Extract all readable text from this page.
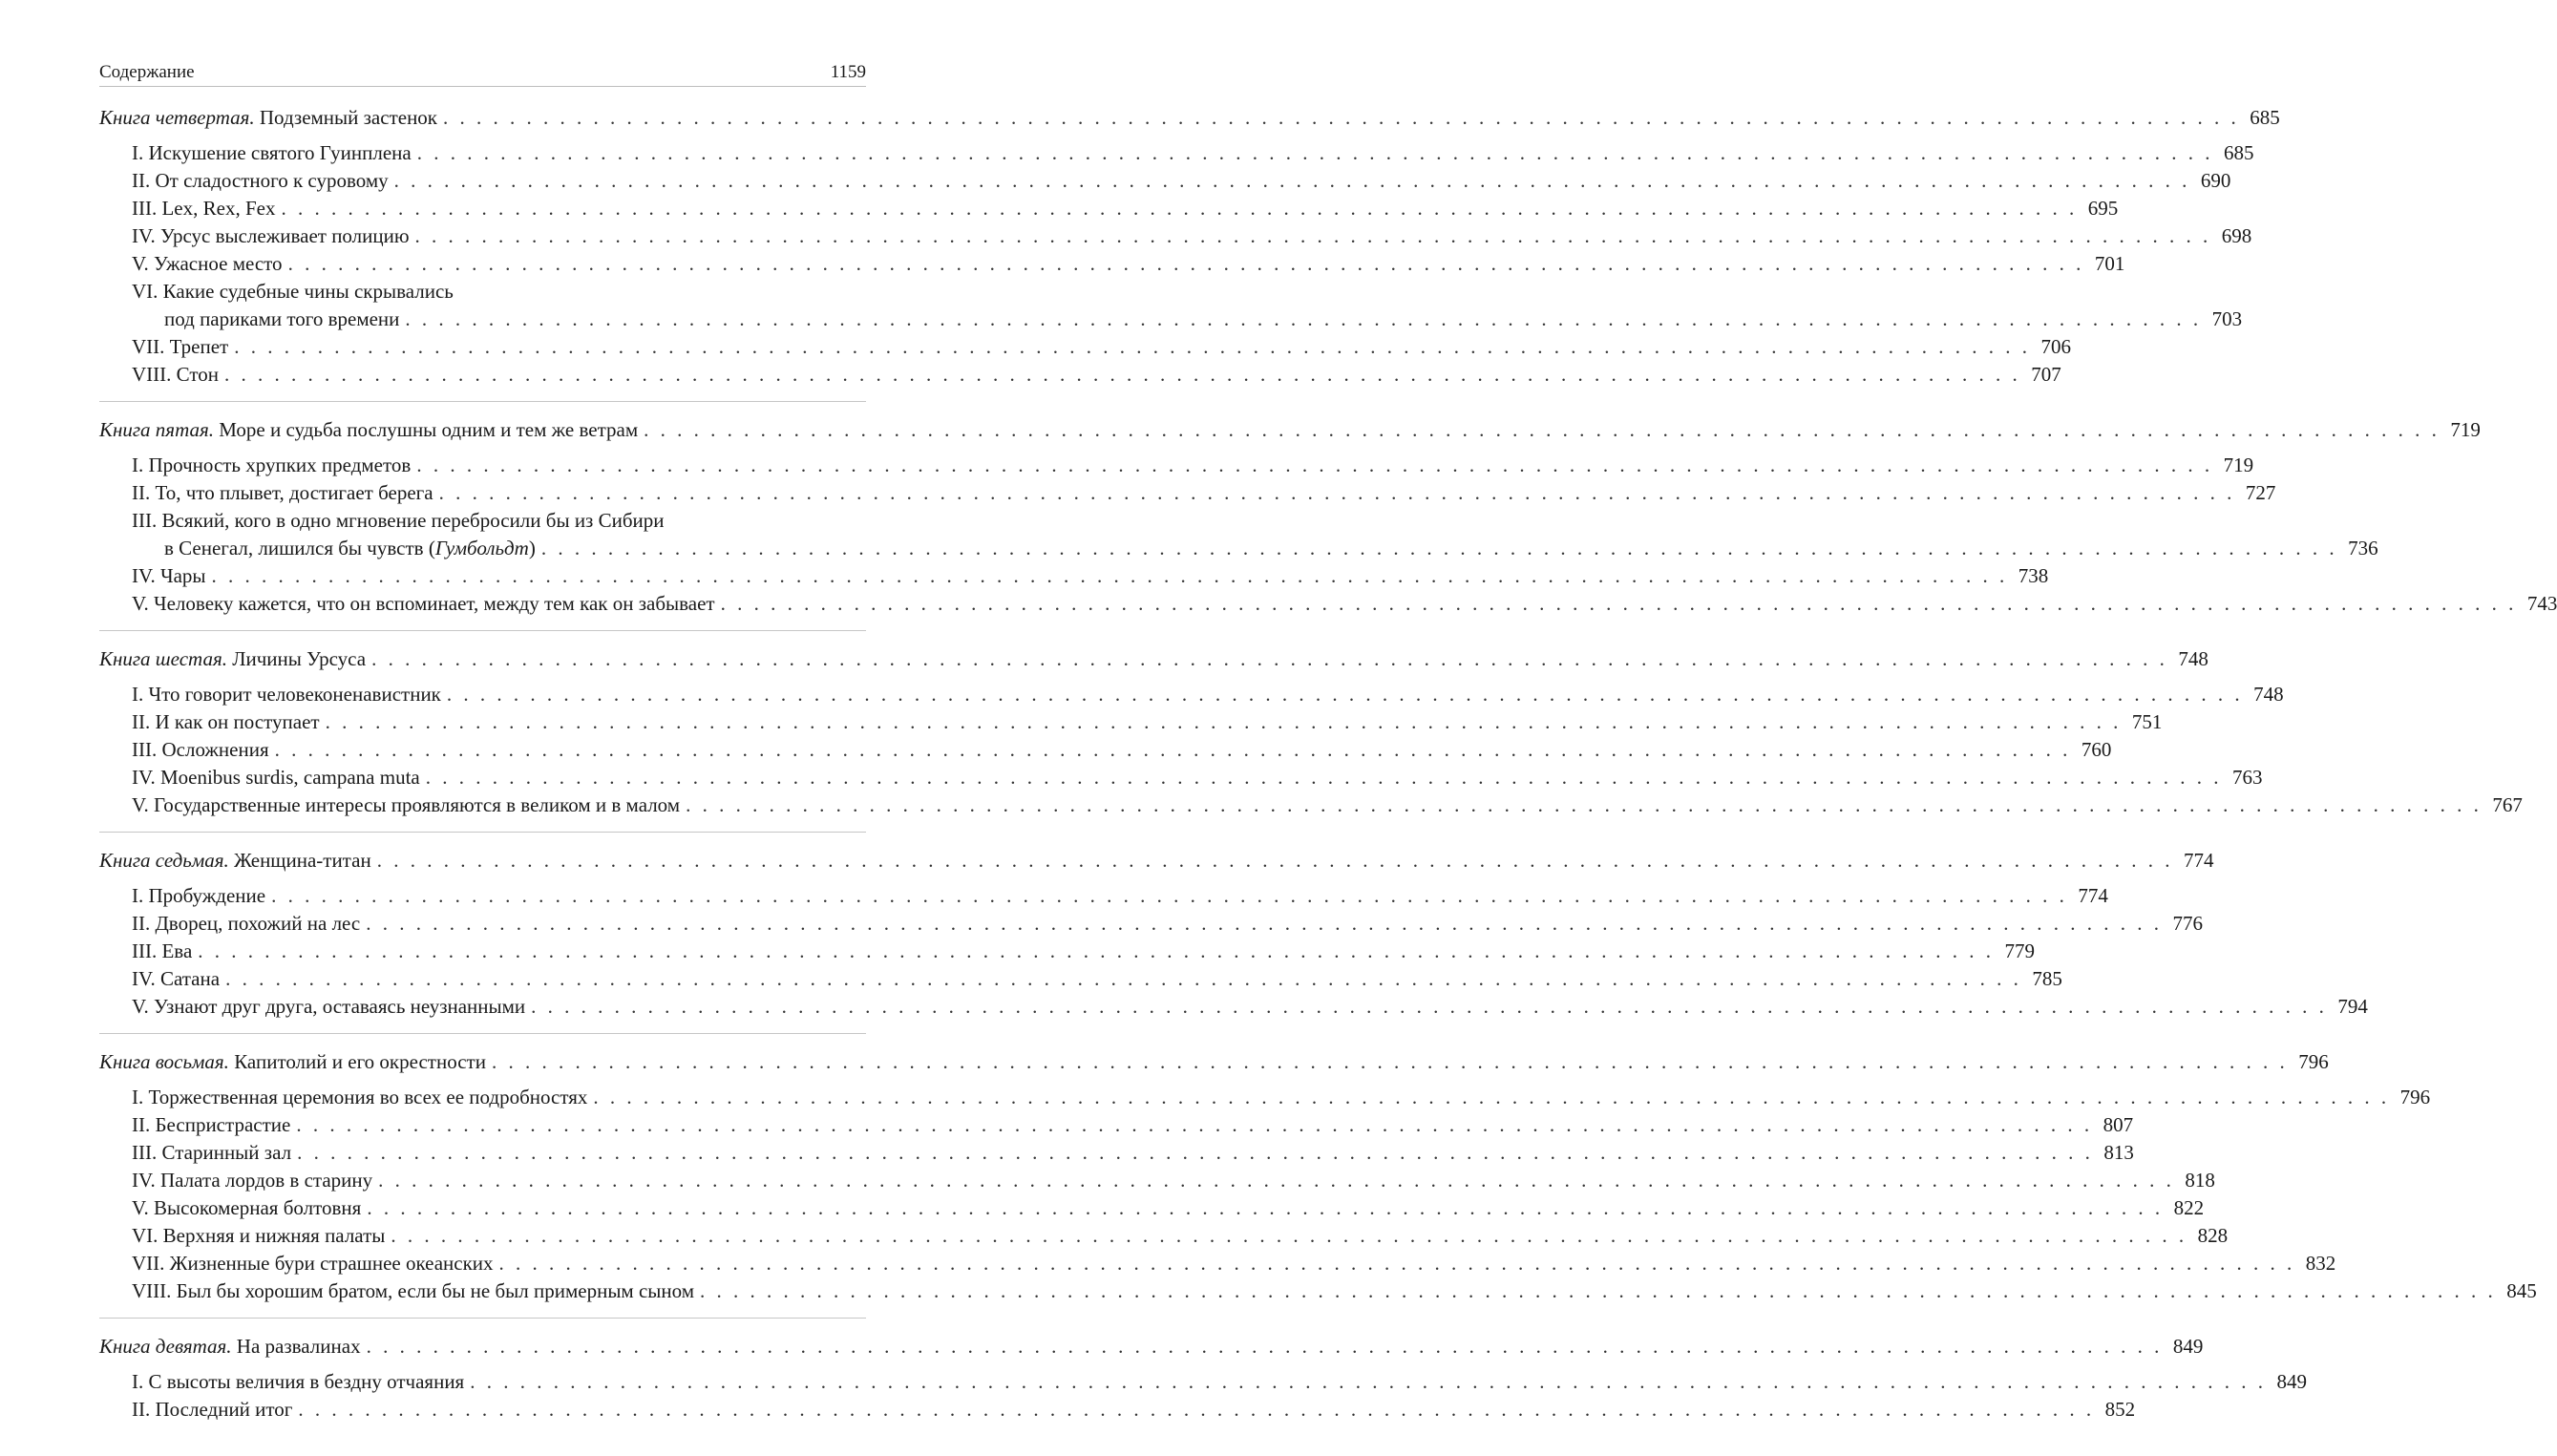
Содержание	1159
Книга четвертая. Подземный застенок . . .	685
I. Искушение святого Гуинплена . . .	685
II. От сладостного к суровому . . .	690
III. Lex, Rex, Fex . . .	695
IV. Урсус выслеживает полицию . . .	698
V. Ужасное место . . .	701
VI. Какие судебные чины скрывались
под париками того времени . . .	703
VII. Трепет . . .	706
VIII. Стон . . .	707
Книга пятая. Море и судьба послушны одним и тем же ветрам . . .	719
I. Прочность хрупких предметов . . .	719
II. То, что плывет, достигает берега . . .	727
III. Всякий, кого в одно мгновение перебросили бы из Сибири
в Сенегал, лишился бы чувств (Гумбольдт) . . .	736
IV. Чары . . .	738
V. Человеку кажется, что он вспоминает, между тем как он забывает . . .	743
Книга шестая. Личины Урсуса . . .	748
I. Что говорит человеконенавистник . . .	748
II. И как он поступает . . .	751
III. Осложнения . . .	760
IV. Moenibus surdis, campana muta . . .	763
V. Государственные интересы проявляются в великом и в малом . . .	767
Книга седьмая. Женщина-титан . . .	774
I. Пробуждение . . .	774
II. Дворец, похожий на лес . . .	776
III. Ева . . .	779
IV. Сатана . . .	785
V. Узнают друг друга, оставаясь неузнанными . . .	794
Книга восьмая. Капитолий и его окрестности . . .	796
I. Торжественная церемония во всех ее подробностях . . .	796
II. Беспристрастие . . .	807
III. Старинный зал . . .	813
IV. Палата лордов в старину . . .	818
V. Высокомерная болтовня . . .	822
VI. Верхняя и нижняя палаты . . .	828
VII. Жизненные бури страшнее океанских . . .	832
VIII. Был бы хорошим братом, если бы не был примерным сыном . . .	845
Книга девятая. На развалинах . . .	849
I. С высоты величия в бездну отчаяния . . .	849
II. Последний итог . . .	852
